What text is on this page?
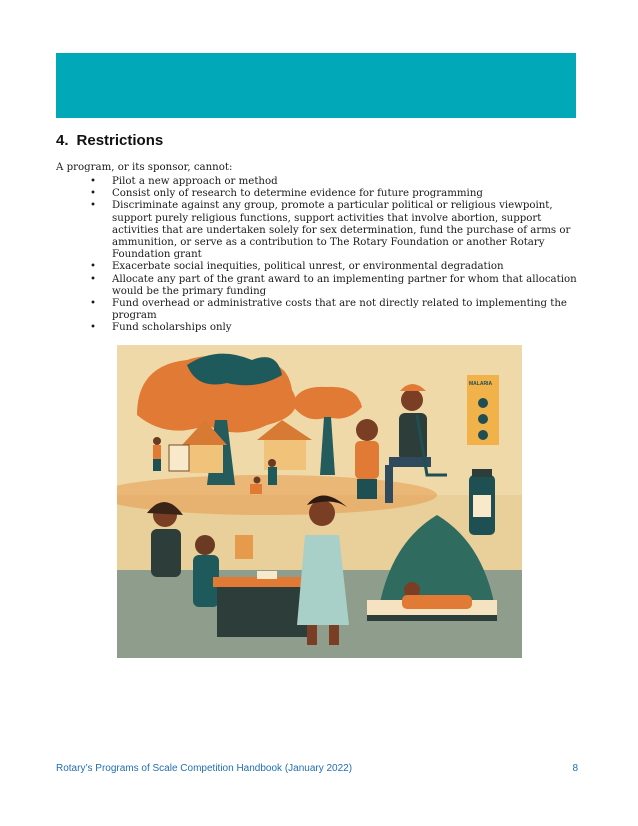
4. Restrictions
A program, or its sponsor, cannot:
• Pilot a new approach or method
• Consist only of research to determine evidence for future programming
• Discriminate against any group, promote a particular political or religious viewpoint, support purely religious functions, support activities that involve abortion, support activities that are undertaken solely for sex determination, fund the purchase of arms or ammunition, or serve as a contribution to The Rotary Foundation or another Rotary Foundation grant
• Exacerbate social inequities, political unrest, or environmental degradation
• Allocate any part of the grant award to an implementing partner for whom that allocation would be the primary funding
• Fund overhead or administrative costs that are not directly related to implementing the program
• Fund scholarships only
MALARIA
Rotary’s Programs of Scale Competition Handbook (January 2022)	8
